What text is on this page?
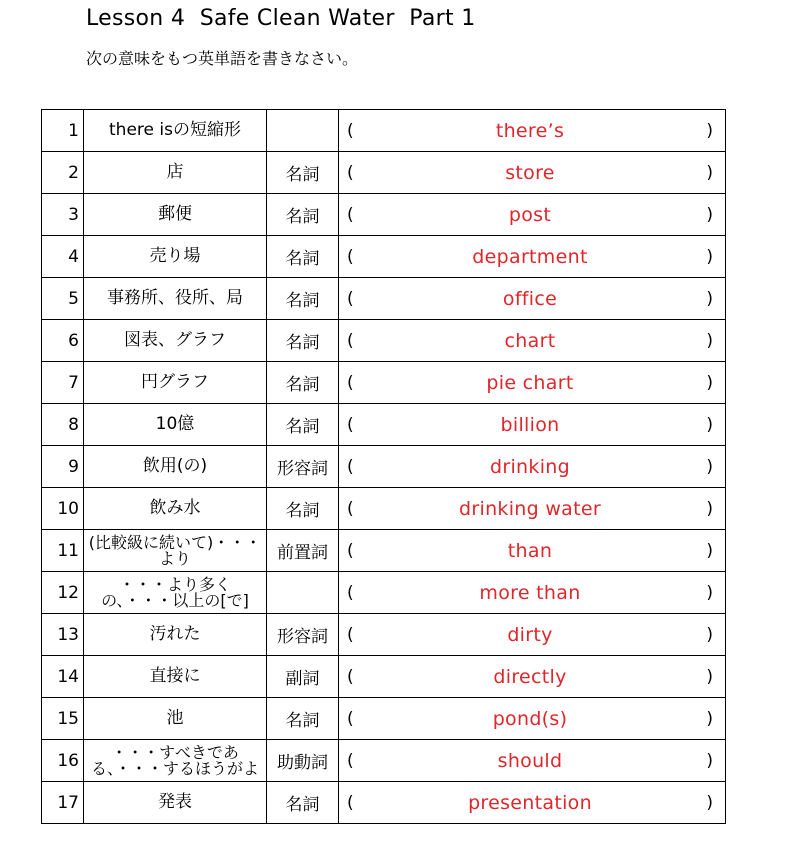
Lesson 4  Safe Clean Water  Part 1
次の意味をもつ英単語を書きなさい。
1	there isの短縮形		( there’s )

2	店	名詞	( store )

3	郵便	名詞	( post )

4	売り場	名詞	( department )

5	事務所、役所、局	名詞	( office )

6	図表、グラフ	名詞	( chart )

7	円グラフ	名詞	( pie chart )

8	10億	名詞	( billion )

9	飲用(の)	形容詞	( drinking )

10	飲み水	名詞	( drinking water )

11	(比較級に続いて)・・・より	前置詞	( than )

12	・・・より多くの、・・・以上の[で]		( more than )

13	汚れた	形容詞	( dirty )

14	直接に	副詞	( directly )

15	池	名詞	( pond(s) )

16	・・・すべきである、・・・するほうがよ	助動詞	( should )

17	発表	名詞	( presentation )
